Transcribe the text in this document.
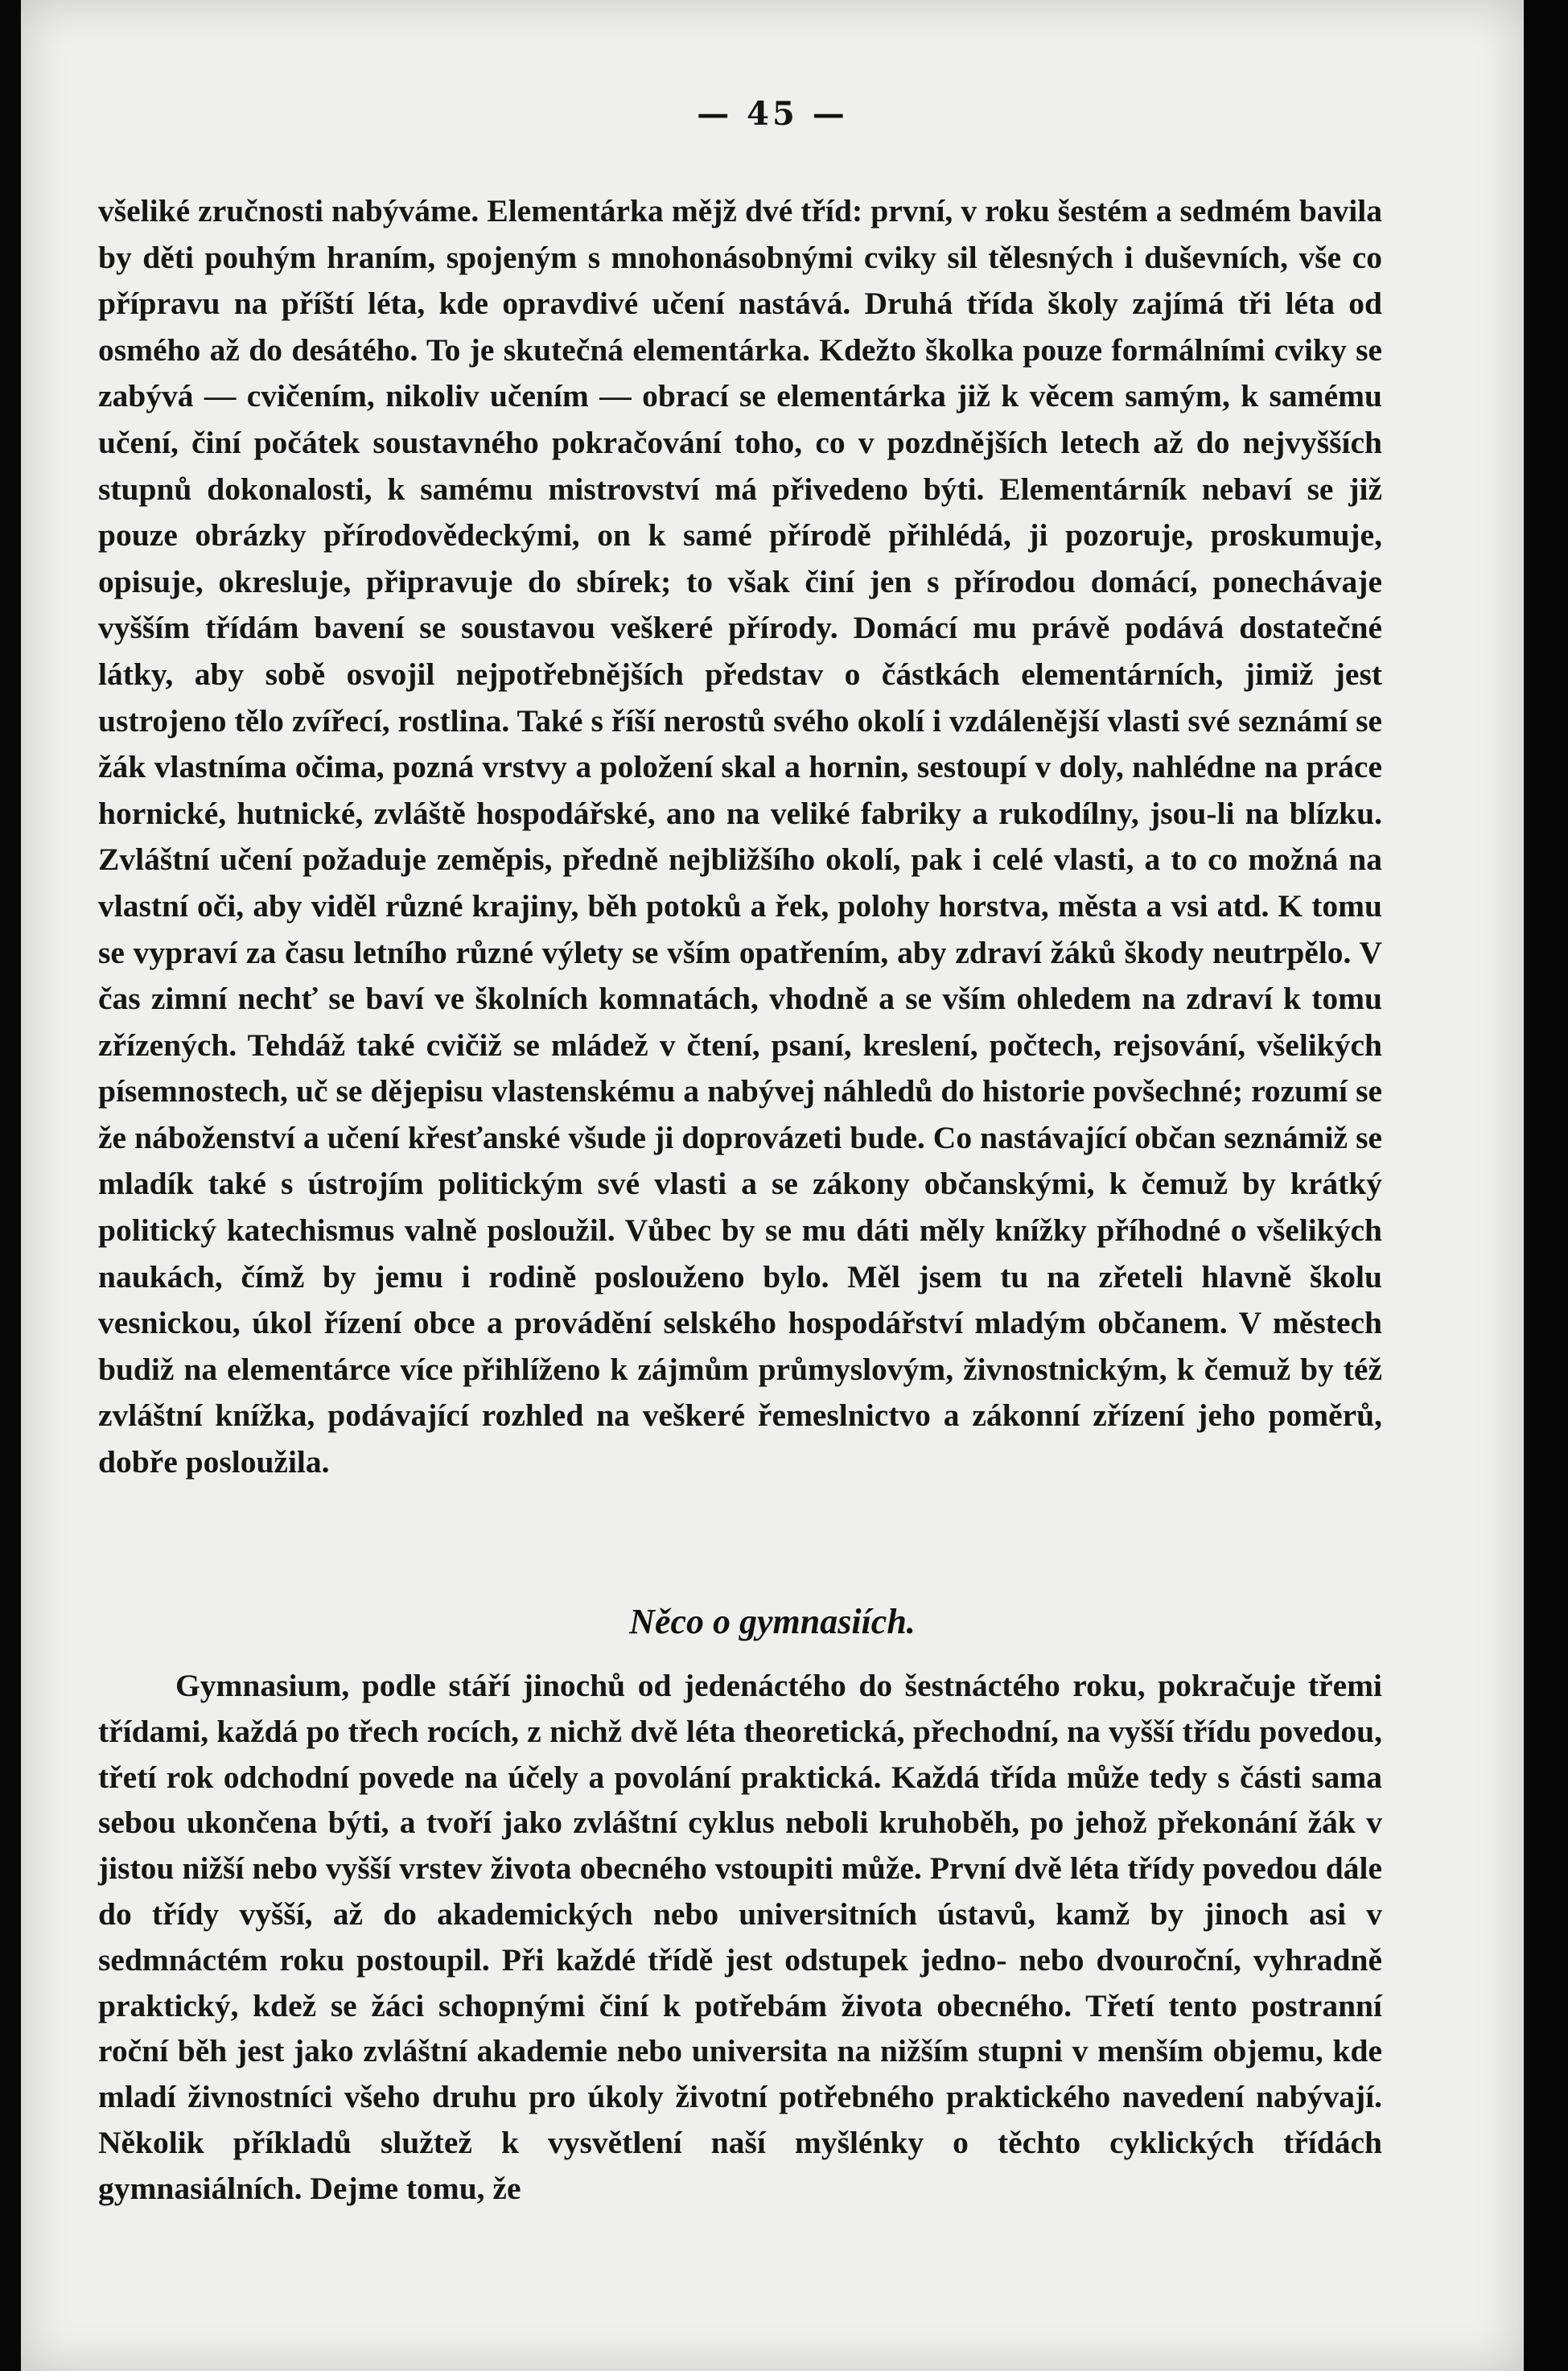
— 45 —

všeliké zručnosti nabýváme. Elementárka mějž dvé tříd: první, v roku šestém a sedmém bavila by děti pouhým hraním, spojeným s mnohonásobnými cviky sil tělesných i duševních, vše co přípravu na příští léta, kde opravdivé učení nastává. Druhá třída školy zajímá tři léta od osmého až do desátého. To je skutečná elementárka. Kdežto školka pouze formálními cviky se zabývá — cvičením, nikoliv učením — obrací se elementárka již k věcem samým, k samému učení, činí počátek soustavného pokračování toho, co v pozdnějších letech až do nejvyšších stupnů dokonalosti, k samému mistrovství má přivedeno býti. Elementárník nebaví se již pouze obrázky přírodovědeckými, on k samé přírodě přihlédá, ji pozoruje, proskumuje, opisuje, okresluje, připravuje do sbírek; to však činí jen s přírodou domácí, ponechávaje vyšším třídám bavení se soustavou veškeré přírody. Domácí mu právě podává dostatečné látky, aby sobě osvojil nejpotřebnějších představ o částkách elementárních, jimiž jest ustrojeno tělo zvířecí, rostlina. Také s říší nerostů svého okolí i vzdálenější vlasti své seznámí se žák vlastníma očima, pozná vrstvy a položení skal a hornin, sestoupí v doly, nahlédne na práce hornické, hutnické, zvláště hospodářské, ano na veliké fabriky a rukodílny, jsou-li na blízku. Zvláštní učení požaduje zeměpis, předně nejbližšího okolí, pak i celé vlasti, a to co možná na vlastní oči, aby viděl různé krajiny, běh potoků a řek, polohy horstva, města a vsi atd. K tomu se vypraví za času letního různé výlety se vším opatřením, aby zdraví žáků škody neutrpělo. V čas zimní nechť se baví ve školních komnatách, vhodně a se vším ohledem na zdraví k tomu zřízených. Tehdáž také cvičiž se mládež v čtení, psaní, kreslení, počtech, rejsování, všelikých písemnostech, uč se dějepisu vlastenskému a nabývej náhledů do historie povšechné; rozumí se že náboženství a učení křesťanské všude ji doprovázeti bude. Co nastávající občan seznámiž se mladík také s ústrojím politickým své vlasti a se zákony občanskými, k čemuž by krátký politický katechismus valně posloužil. Vůbec by se mu dáti měly knížky příhodné o všelikých naukách, čímž by jemu i rodině poslouženo bylo. Měl jsem tu na zřeteli hlavně školu vesnickou, úkol řízení obce a provádění selského hospodářství mladým občanem. V městech budiž na elementárce více přihlíženo k zájmům průmyslovým, živnostnickým, k čemuž by též zvláštní knížka, podávající rozhled na veškeré řemeslnictvo a zákonní zřízení jeho poměrů, dobře posloužila.

Něco o gymnasiích.

Gymnasium, podle stáří jinochů od jedenáctého do šestnáctého roku, pokračuje třemi třídami, každá po třech rocích, z nichž dvě léta theoretická, přechodní, na vyšší třídu povedou, třetí rok odchodní povede na účely a povolání praktická. Každá třída může tedy s části sama sebou ukončena býti, a tvoří jako zvláštní cyklus neboli kruhoběh, po jehož překonání žák v jistou nižší nebo vyšší vrstev života obecného vstoupiti může. První dvě léta třídy povedou dále do třídy vyšší, až do akademických nebo universitních ústavů, kamž by jinoch asi v sedmnáctém roku postoupil. Při každé třídě jest odstupek jedno- nebo dvouroční, vyhradně praktický, kdež se žáci schopnými činí k potřebám života obecného. Třetí tento postranní roční běh jest jako zvláštní akademie nebo universita na nižším stupni v menším objemu, kde mladí živnostníci všeho druhu pro úkoly životní potřebného praktického navedení nabývají. Několik příkladů služtež k vysvětlení naší myšlénky o těchto cyklických třídách gymnasiálních. Dejme tomu, že
